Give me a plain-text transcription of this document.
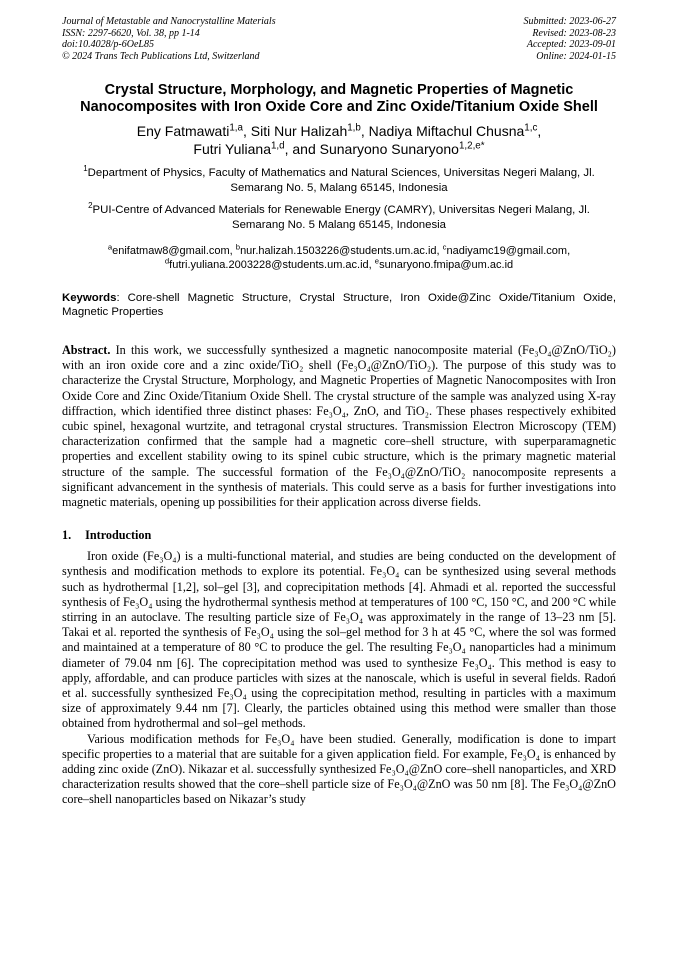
Journal of Metastable and Nanocrystalline Materials
ISSN: 2297-6620, Vol. 38, pp 1-14
doi:10.4028/p-6OeL85
© 2024 Trans Tech Publications Ltd, Switzerland
Submitted: 2023-06-27
Revised: 2023-08-23
Accepted: 2023-09-01
Online: 2024-01-15
Crystal Structure, Morphology, and Magnetic Properties of Magnetic Nanocomposites with Iron Oxide Core and Zinc Oxide/Titanium Oxide Shell
Eny Fatmawati$^{1,a}$, Siti Nur Halizah$^{1,b}$, Nadiya Miftachul Chusna$^{1,c}$,
Futri Yuliana$^{1,d}$, and Sunaryono Sunaryono$^{1,2,e*}$
$^1$Department of Physics, Faculty of Mathematics and Natural Sciences, Universitas Negeri Malang, Jl. Semarang No. 5, Malang 65145, Indonesia
$^2$PUI-Centre of Advanced Materials for Renewable Energy (CAMRY), Universitas Negeri Malang, Jl. Semarang No. 5 Malang 65145, Indonesia
$^a$enifatmaw8@gmail.com, $^b$nur.halizah.1503226@students.um.ac.id, $^c$nadiyamc19@gmail.com,
$^d$futri.yuliana.2003228@students.um.ac.id, $^e$sunaryono.fmipa@um.ac.id
Keywords: Core-shell Magnetic Structure, Crystal Structure, Iron Oxide@Zinc Oxide/Titanium Oxide, Magnetic Properties
Abstract. In this work, we successfully synthesized a magnetic nanocomposite material (Fe₃O₄@ZnO/TiO₂) with an iron oxide core and a zinc oxide/TiO₂ shell (Fe₃O₄@ZnO/TiO₂). The purpose of this study was to characterize the Crystal Structure, Morphology, and Magnetic Properties of Magnetic Nanocomposites with Iron Oxide Core and Zinc Oxide/Titanium Oxide Shell. The crystal structure of the sample was analyzed using X-ray diffraction, which identified three distinct phases: Fe₃O₄, ZnO, and TiO₂. These phases respectively exhibited cubic spinel, hexagonal wurtzite, and tetragonal crystal structures. Transmission Electron Microscopy (TEM) characterization confirmed that the sample had a magnetic core–shell structure, with superparamagnetic properties and excellent stability owing to its spinel cubic structure, which is the primary magnetic material structure of the sample. The successful formation of the Fe₃O₄@ZnO/TiO₂ nanocomposite represents a significant advancement in the synthesis of materials. This could serve as a basis for further investigations into magnetic materials, opening up possibilities for their application across diverse fields.
1. Introduction

Iron oxide (Fe₃O₄) is a multi-functional material, and studies are being conducted on the development of synthesis and modification methods to explore its potential. Fe₃O₄ can be synthesized using several methods such as hydrothermal [1,2], sol–gel [3], and coprecipitation methods [4]. Ahmadi et al. reported the successful synthesis of Fe₃O₄ using the hydrothermal synthesis method at temperatures of 100 °C, 150 °C, and 200 °C while stirring in an autoclave. The resulting particle size of Fe₃O₄ was approximately in the range of 13–23 nm [5]. Takai et al. reported the synthesis of Fe₃O₄ using the sol–gel method for 3 h at 45 °C, where the sol was formed and maintained at a temperature of 80 °C to produce the gel. The resulting Fe₃O₄ nanoparticles had a minimum diameter of 79.04 nm [6]. The coprecipitation method was used to synthesize Fe₃O₄. This method is easy to apply, affordable, and can produce particles with sizes at the nanoscale, which is useful in several fields. Radoń et al. successfully synthesized Fe₃O₄ using the coprecipitation method, resulting in particles with a maximum size of approximately 9.44 nm [7]. Clearly, the particles obtained using this method were smaller than those obtained from hydrothermal and sol–gel methods.

Various modification methods for Fe₃O₄ have been studied. Generally, modification is done to impart specific properties to a material that are suitable for a given application field. For example, Fe₃O₄ is enhanced by adding zinc oxide (ZnO). Nikazar et al. successfully synthesized Fe₃O₄@ZnO core–shell nanoparticles, and XRD characterization results showed that the core–shell particle size of Fe₃O₄@ZnO was 50 nm [8]. The Fe₃O₄@ZnO core–shell nanoparticles based on Nikazar’s study
